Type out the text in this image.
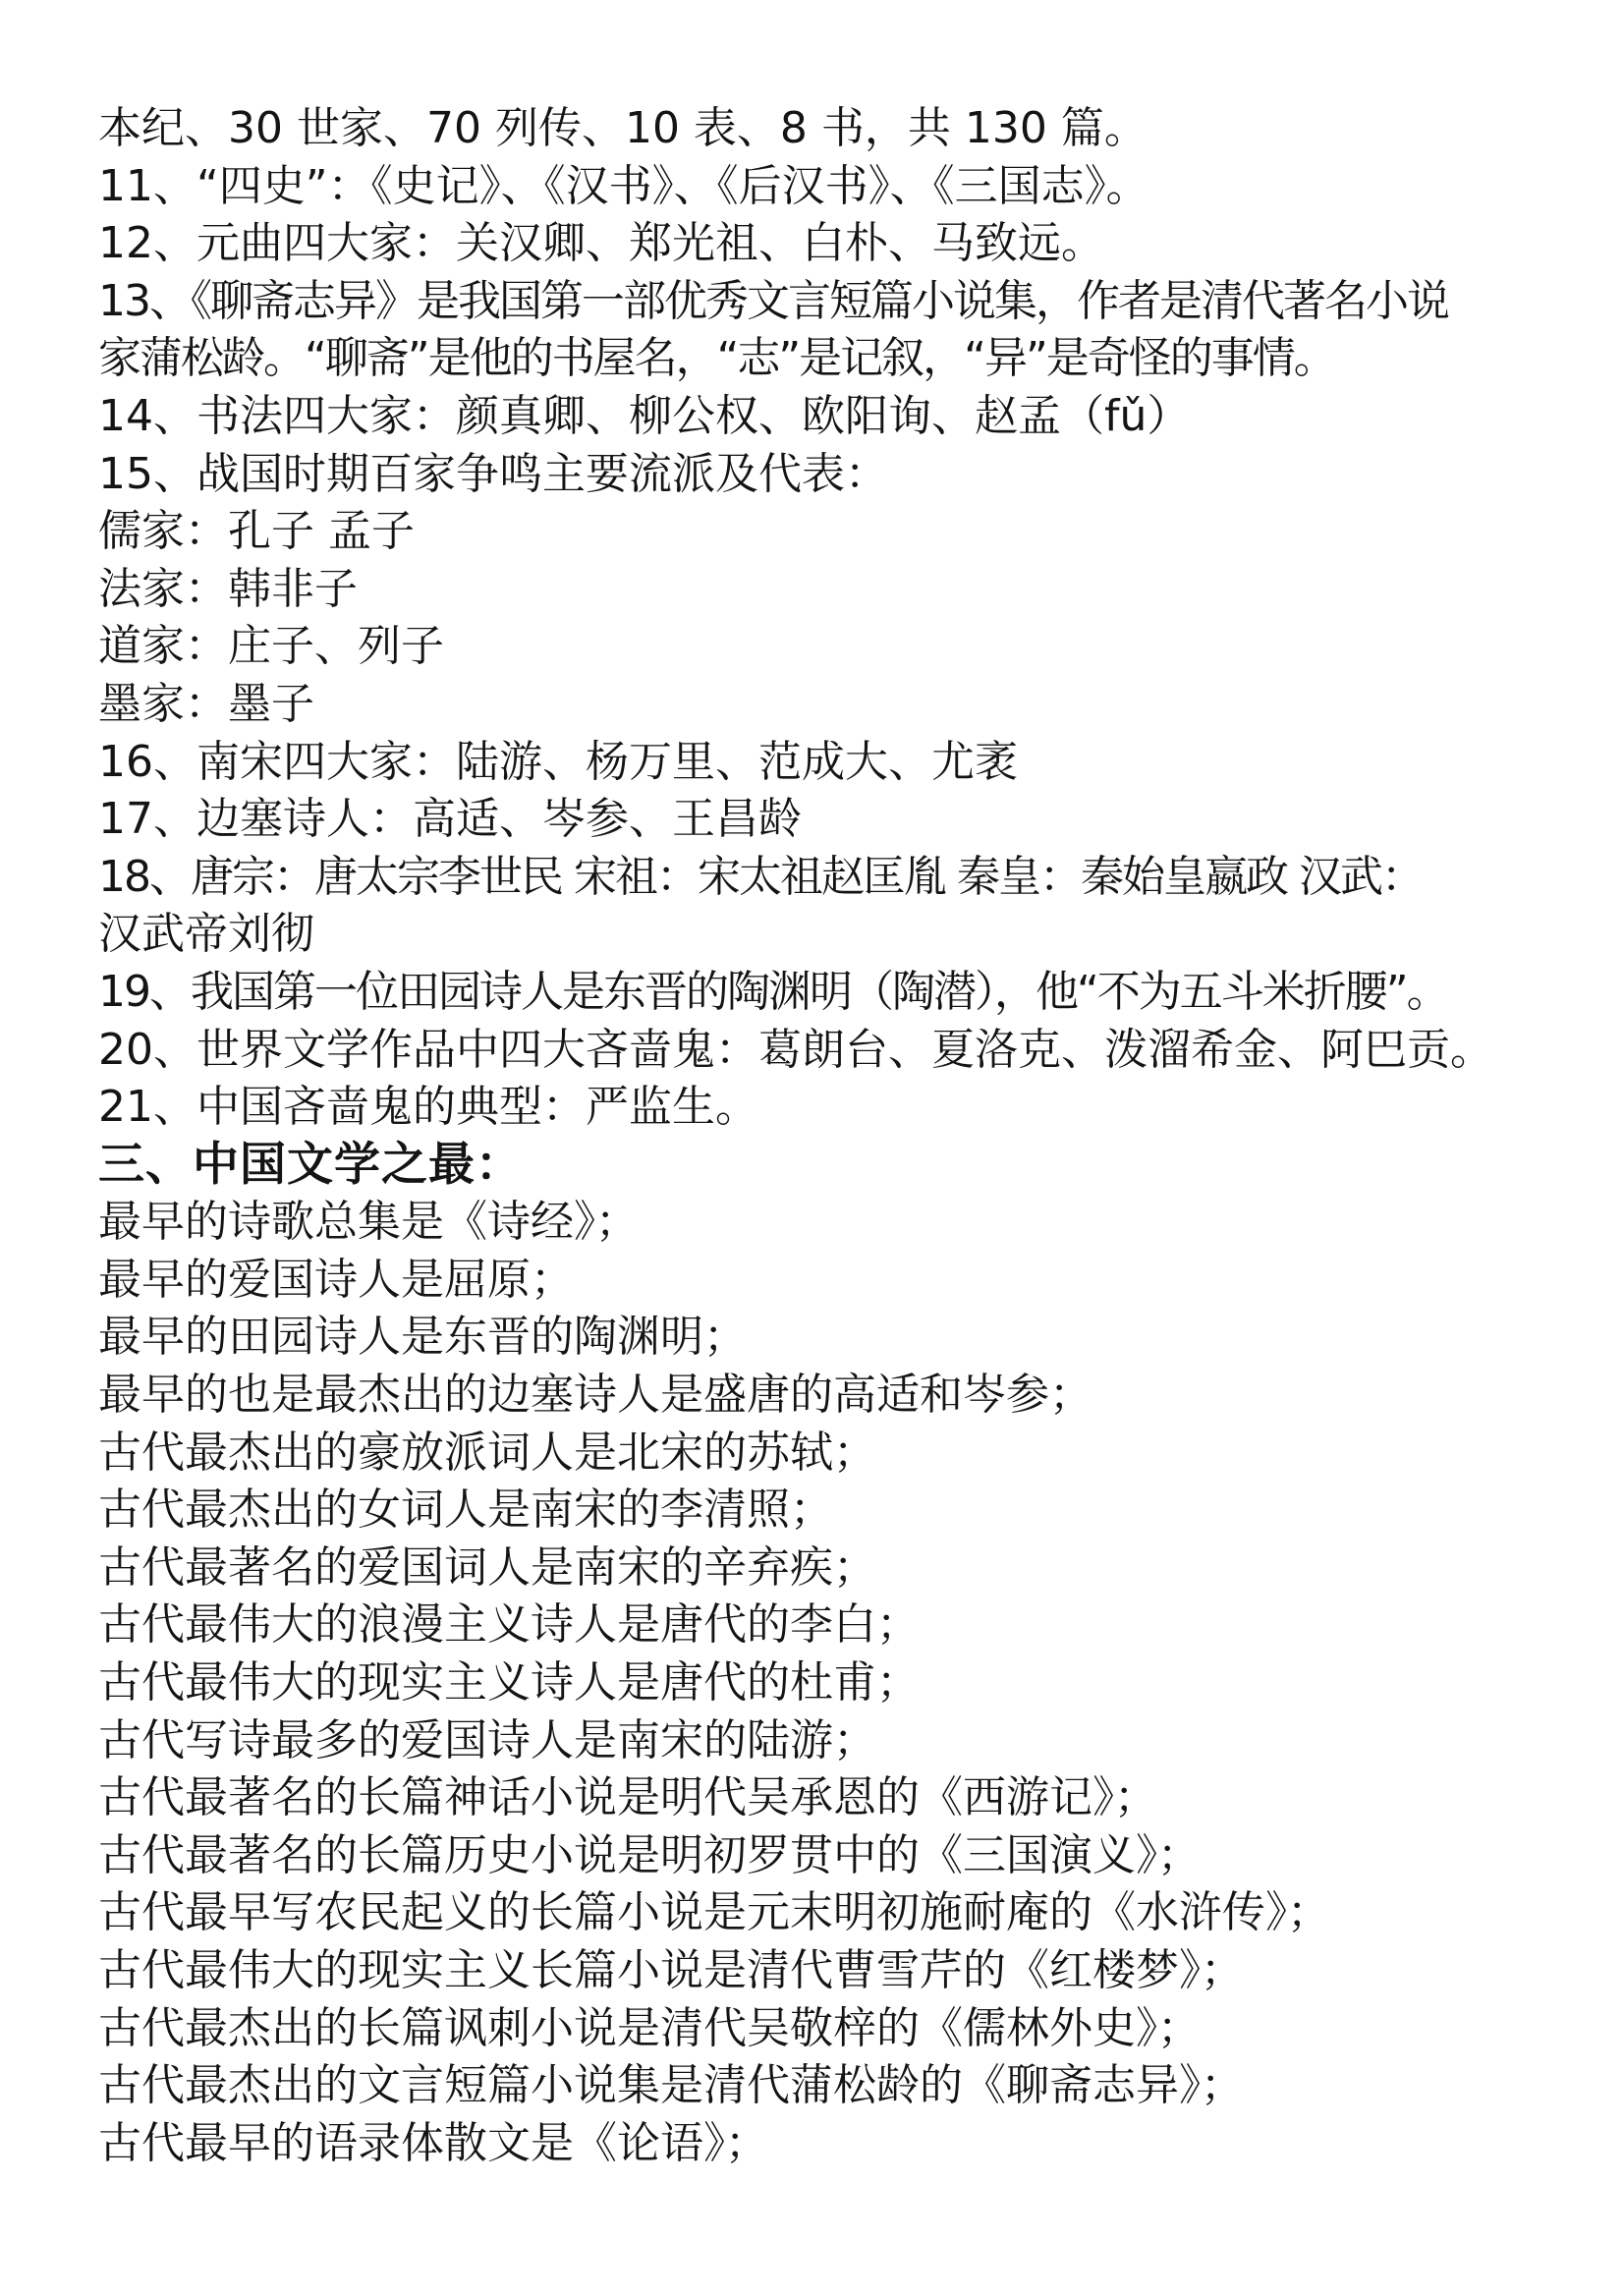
本纪、30 世家、70 列传、10 表、8 书，共 130 篇。
11、“四史”：《史记》、《汉书》、《后汉书》、《三国志》。
12、元曲四大家：关汉卿、郑光祖、白朴、马致远。
13、《聊斋志异》是我国第一部优秀文言短篇小说集，作者是清代著名小说
家蒲松龄。“聊斋”是他的书屋名，“志”是记叙，“异”是奇怪的事情。
14、书法四大家：颜真卿、柳公权、欧阳询、赵孟（fǔ）
15、战国时期百家争鸣主要流派及代表：
儒家：孔子 孟子
法家：韩非子
道家：庄子、列子
墨家：墨子
16、南宋四大家：陆游、杨万里、范成大、尤袤
17、边塞诗人：高适、岑参、王昌龄
18、唐宗：唐太宗李世民 宋祖：宋太祖赵匡胤 秦皇：秦始皇嬴政 汉武：
汉武帝刘彻
19、我国第一位田园诗人是东晋的陶渊明（陶潜），他“不为五斗米折腰”。
20、世界文学作品中四大吝啬鬼：葛朗台、夏洛克、泼溜希金、阿巴贡。
21、中国吝啬鬼的典型：严监生。
三、中国文学之最：
最早的诗歌总集是《诗经》；
最早的爱国诗人是屈原；
最早的田园诗人是东晋的陶渊明；
最早的也是最杰出的边塞诗人是盛唐的高适和岑参；
古代最杰出的豪放派词人是北宋的苏轼；
古代最杰出的女词人是南宋的李清照；
古代最著名的爱国词人是南宋的辛弃疾；
古代最伟大的浪漫主义诗人是唐代的李白；
古代最伟大的现实主义诗人是唐代的杜甫；
古代写诗最多的爱国诗人是南宋的陆游；
古代最著名的长篇神话小说是明代吴承恩的《西游记》；
古代最著名的长篇历史小说是明初罗贯中的《三国演义》；
古代最早写农民起义的长篇小说是元末明初施耐庵的《水浒传》；
古代最伟大的现实主义长篇小说是清代曹雪芹的《红楼梦》；
古代最杰出的长篇讽刺小说是清代吴敬梓的《儒林外史》；
古代最杰出的文言短篇小说集是清代蒲松龄的《聊斋志异》；
古代最早的语录体散文是《论语》；
